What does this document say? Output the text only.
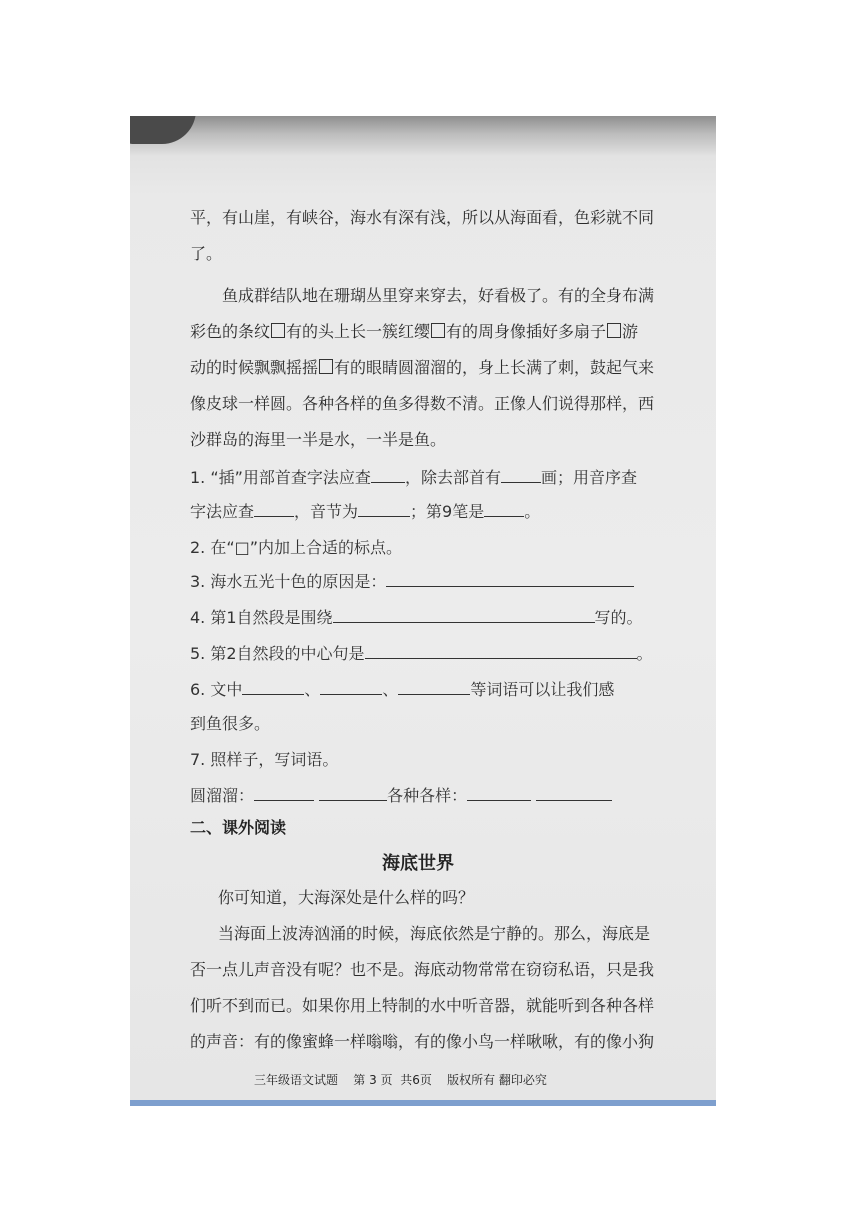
平，有山崖，有峡谷，海水有深有浅，所以从海面看，色彩就不同
了。
鱼成群结队地在珊瑚丛里穿来穿去，好看极了。有的全身布满
彩色的条纹 有的头上长一簇红缨 有的周身像插好多扇子 游
动的时候飘飘摇摇 有的眼睛圆溜溜的，身上长满了刺，鼓起气来
像皮球一样圆。各种各样的鱼多得数不清。正像人们说得那样，西
沙群岛的海里一半是水，一半是鱼。
1. “插”用部首查字法应查 ，除去部首有	画；用音序查
字法应查	，音节为	；第9笔是	。
2. 在“□”内加上合适的标点。
3. 海水五光十色的原因是：
4. 第1自然段是围绕	写的。
5. 第2自然段的中心句是	。
6. 文中	、	、	等词语可以让我们感
到鱼很多。
7. 照样子，写词语。
圆溜溜：	各种各样：
二、课外阅读
海底世界
你可知道，大海深处是什么样的吗？
当海面上波涛汹涌的时候，海底依然是宁静的。那么，海底是
否一点儿声音没有呢？也不是。海底动物常常在窃窃私语，只是我
们听不到而已。如果你用上特制的水中听音器，就能听到各种各样
的声音：有的像蜜蜂一样嗡嗡，有的像小鸟一样啾啾，有的像小狗
三年级语文试题 第 3 页 共6页 版权所有 翻印必究
